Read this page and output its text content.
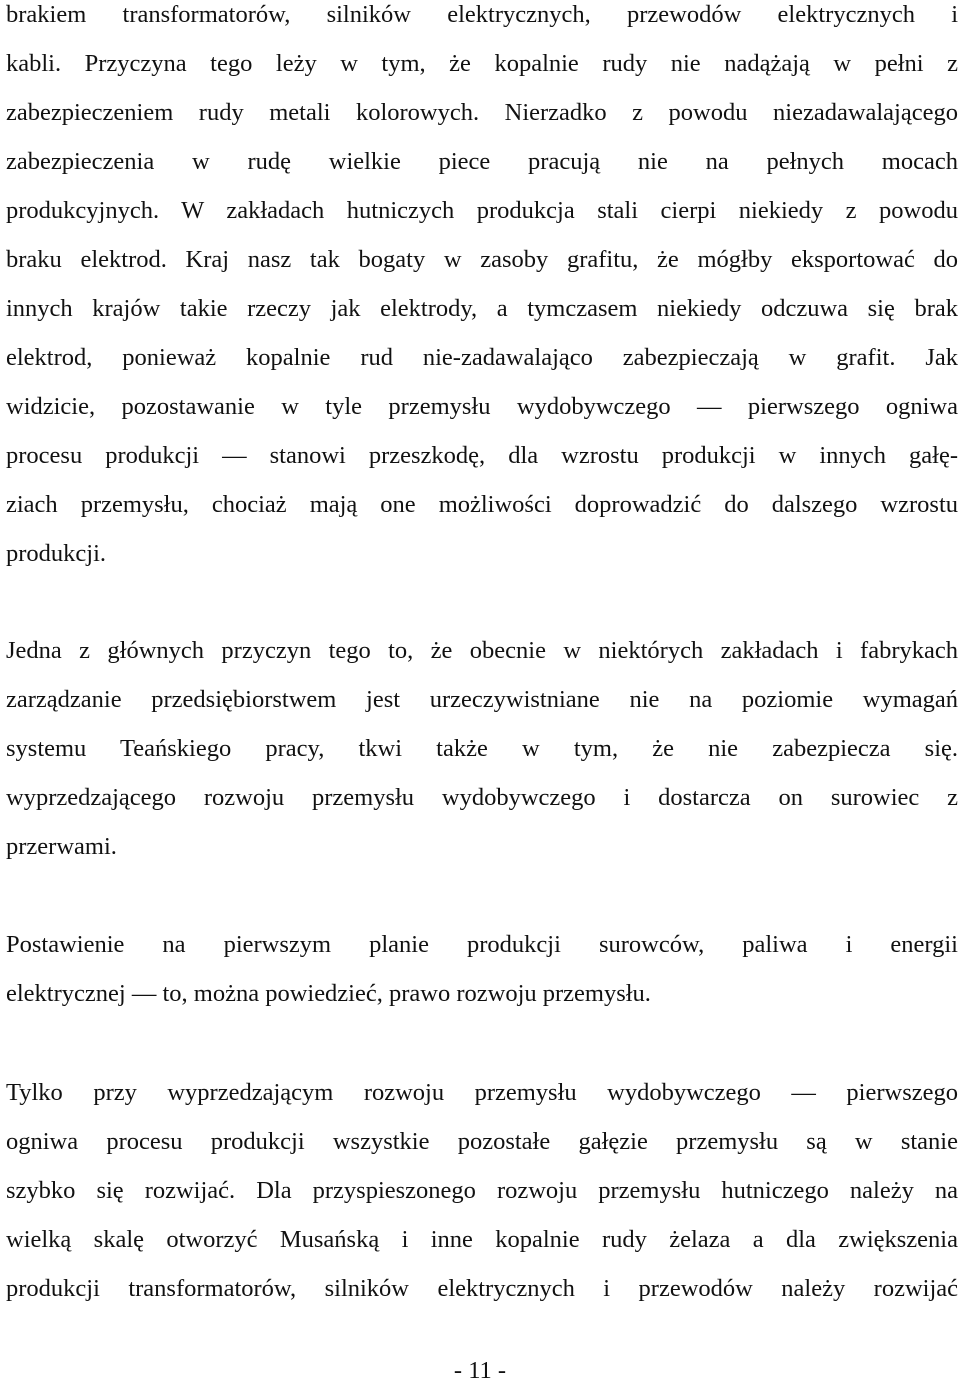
brakiem transformatorów, silników elektrycznych, przewodów elektrycznych i
kabli. Przyczyna tego leży w tym, że kopalnie rudy nie nadążają w pełni z
zabezpieczeniem rudy metali kolorowych. Nierzadko z powodu niezadawalającego
zabezpieczenia w rudę wielkie piece pracują nie na pełnych mocach
produkcyjnych. W zakładach hutniczych produkcja stali cierpi niekiedy z powodu
braku elektrod. Kraj nasz tak bogaty w zasoby grafitu, że mógłby eksportować do
innych krajów takie rzeczy jak elektrody, a tymczasem niekiedy odczuwa się brak
elektrod, ponieważ kopalnie rud nie-zadawalająco zabezpieczają w grafit. Jak
widzicie, pozostawanie w tyle przemysłu wydobywczego — pierwszego ogniwa
procesu produkcji — stanowi przeszkodę, dla wzrostu produkcji w innych gałę-
ziach przemysłu, chociaż mają one możliwości doprowadzić do dalszego wzrostu
produkcji.
Jedna z głównych przyczyn tego to, że obecnie w niektórych zakładach i fabrykach
zarządzanie przedsiębiorstwem jest urzeczywistniane nie na poziomie wymagań
systemu Teańskiego pracy, tkwi także w tym, że nie zabezpiecza się.
wyprzedzającego rozwoju przemysłu wydobywczego i dostarcza on surowiec z
przerwami.
Postawienie na pierwszym planie produkcji surowców, paliwa i energii
elektrycznej — to, można powiedzieć, prawo rozwoju przemysłu.
Tylko przy wyprzedzającym rozwoju przemysłu wydobywczego — pierwszego
ogniwa procesu produkcji wszystkie pozostałe gałęzie przemysłu są w stanie
szybko się rozwijać. Dla przyspieszonego rozwoju przemysłu hutniczego należy na
wielką skalę otworzyć Musańską i inne kopalnie rudy żelaza a dla zwiększenia
produkcji transformatorów, silników elektrycznych i przewodów należy rozwijać
- 11 -
